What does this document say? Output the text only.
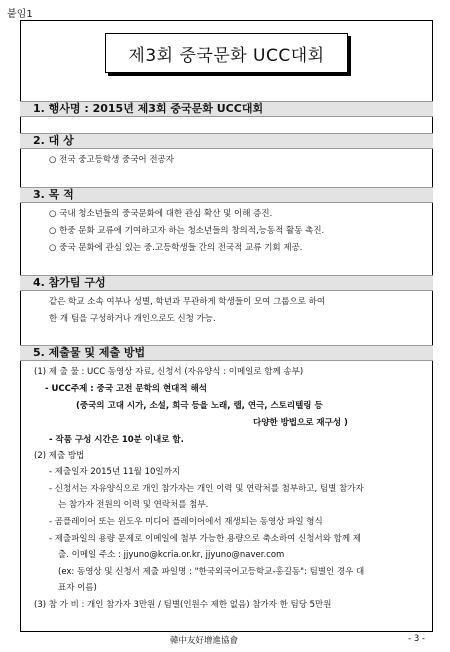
붙임1
제3회 중국문화 UCC대회
1. 행사명 : 2015년 제3회 중국문화 UCC대회
2. 대 상
○ 전국 중고등학생 중국어 전공자
3. 목 적
○ 국내 청소년들의 중국문화에 대한 관심 확산 및 이해 증진.
○ 한중 문화 교류에 기여하고자 하는 청소년들의 창의적,능동적 활동 촉진.
○ 중국 문화에 관심 있는 중․고등학생들 간의 전국적 교류 기회 제공.
4. 참가팀 구성
같은 학교 소속 여부나 성별, 학년과 무관하게 학생들이 모여 그룹으로 하여
한 개 팀을 구성하거나 개인으로도 신청 가능.
5. 제출물 및 제출 방법
(1) 제 출 물 : UCC 동영상 자료, 신청서 (자유양식 : 이메일로 함께 송부)
- UCC주제 : 중국 고전 문학의 현대적 해석
(중국의 고대 시가, 소설, 희극 등을 노래, 랩, 연극, 스토리텔링 등
다양한 방법으로 재구성 )
- 작품 구성 시간은 10분 이내로 함.
(2) 제출 방법
- 제출일자 2015년 11월 10일까지
- 신청서는 자유양식으로 개인 참가자는 개인 이력 및 연락처를 첨부하고, 팀별 참가자
는 참가자 전원의 이력 및 연락처를 첨부.
- 곰플레이어 또는 윈도우 미디어 플레이어에서 재생되는 동영상 파일 형식
- 제출파일의 용량 문제로 이메일에 첨부 가능한 용량으로 축소하여 신청서와 함께 제
출. 이메일 주소 : jjyuno@kcria.or.kr, jjyuno@naver.com
(ex: 동영상 및 신청서 제출 파일명 : "한국외국어고등학교-홍길동": 팀별인 경우 대
표자 이름)
(3) 참 가 비 : 개인 참가자 3만원 / 팀별(인원수 제한 없음) 참가자 한 팀당 5만원
韓中友好增進協會	- 3 -
